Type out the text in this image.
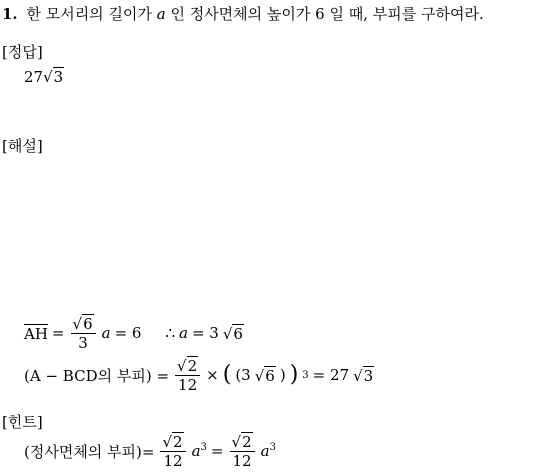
1. 한 모서리의 길이가 a 인 정사면체의 높이가 6 일 때, 부피를 구하여라.
[정답]
27√3
[해설]
AH = $\frac{√6}{3}$ a = 6 ∴ a = 3 √6
(A − BCD의 부피) = $\frac{√2}{12}$ × ( (3 √6 ) ) 3 = 27 √3
[힌트]
(정사면체의 부피)= $\frac{√2}{12} a^3 = \frac{√2}{12} a^3$
